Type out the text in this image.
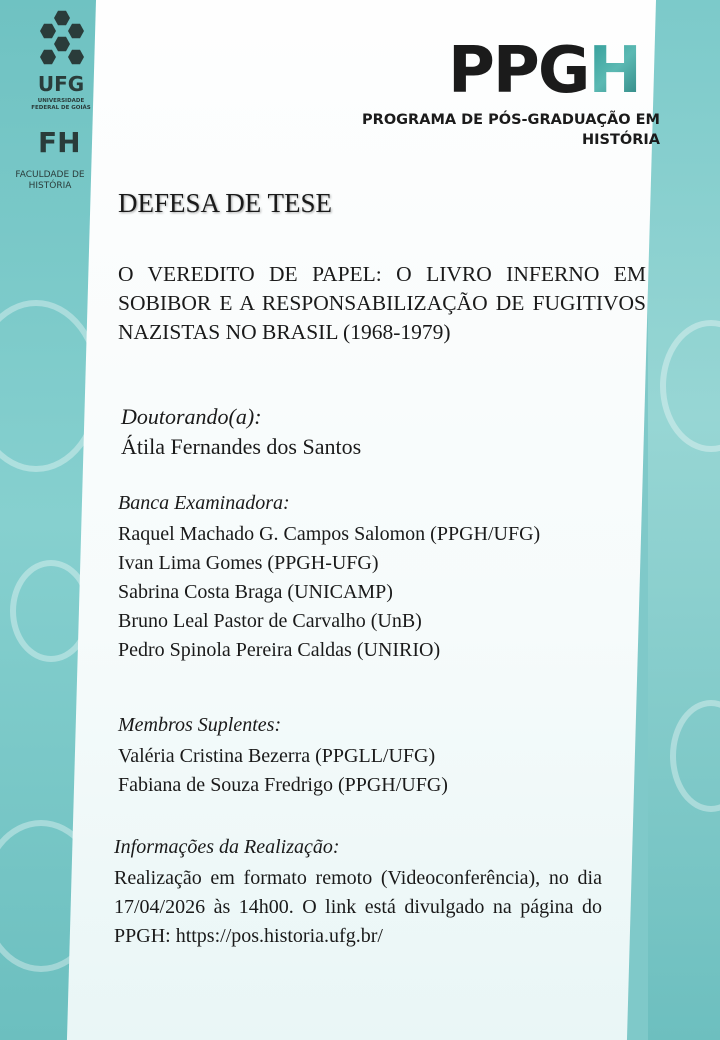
UFG
UNIVERSIDADE FEDERAL DE GOIÁS
FH
FACULDADE DE HISTÓRIA
PPGH
PROGRAMA DE PÓS-GRADUAÇÃO EM HISTÓRIA
DEFESA DE TESE
O VEREDITO DE PAPEL: O LIVRO INFERNO EM SOBIBOR E A RESPONSABILIZAÇÃO DE FUGITIVOS NAZISTAS NO BRASIL (1968-1979)
Doutorando(a):
Átila Fernandes dos Santos
Banca Examinadora:
Raquel Machado G. Campos Salomon (PPGH/UFG)
Ivan Lima Gomes (PPGH-UFG)
Sabrina Costa Braga (UNICAMP)
Bruno Leal Pastor de Carvalho (UnB)
Pedro Spinola Pereira Caldas (UNIRIO)
Membros Suplentes:
Valéria Cristina Bezerra (PPGLL/UFG)
Fabiana de Souza Fredrigo (PPGH/UFG)
Informações da Realização:
Realização em formato remoto (Videoconferência), no dia 17/04/2026 às 14h00. O link está divulgado na página do PPGH: https://pos.historia.ufg.br/
